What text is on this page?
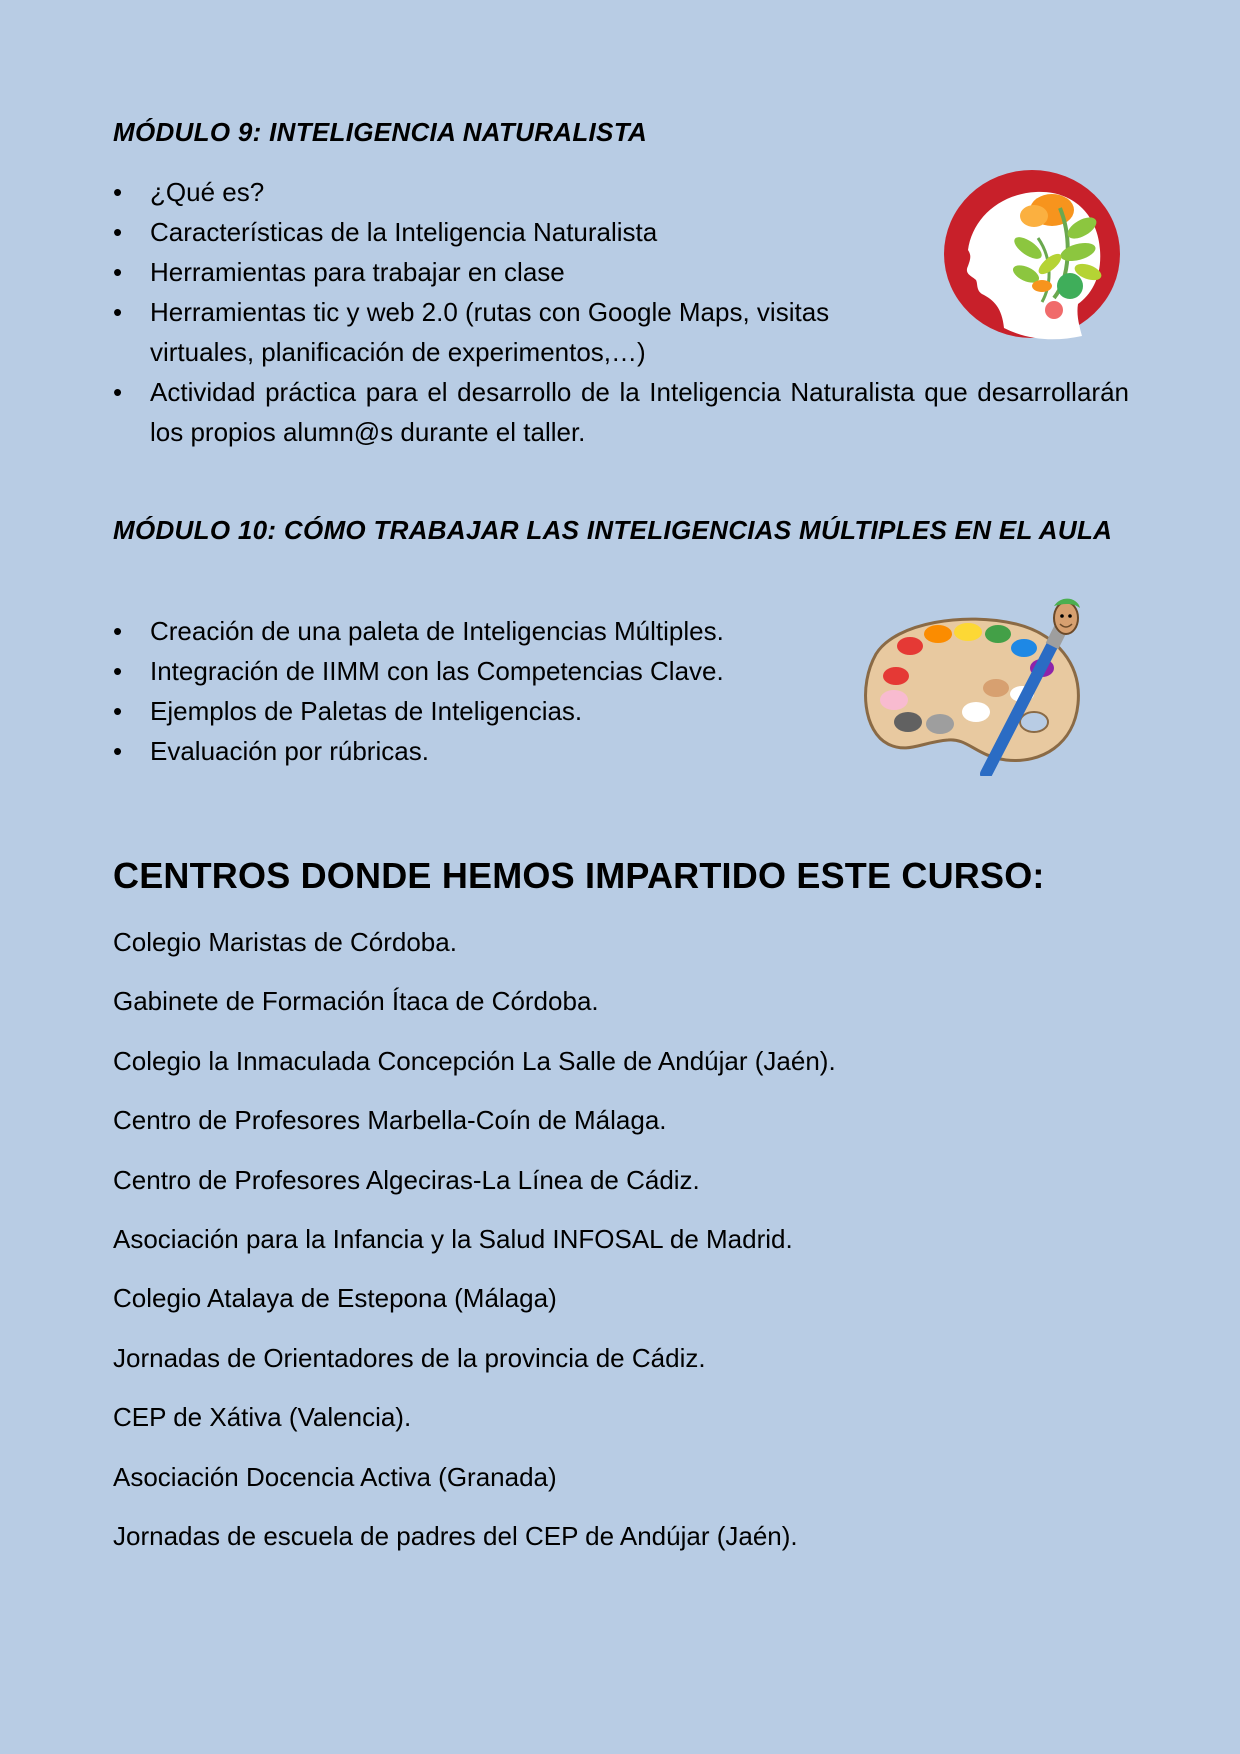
MÓDULO 9: INTELIGENCIA NATURALISTA
• ¿Qué es?
• Características de la Inteligencia Naturalista
• Herramientas para trabajar en clase
• Herramientas tic y web 2.0 (rutas con Google Maps, visitas virtuales, planificación de experimentos,…)
• Actividad práctica para el desarrollo de la Inteligencia Naturalista que desarrollarán los propios alumn@s durante el taller.
MÓDULO 10: CÓMO TRABAJAR LAS INTELIGENCIAS MÚLTIPLES EN EL AULA
• Creación de una paleta de Inteligencias Múltiples.
• Integración de IIMM con las Competencias Clave.
• Ejemplos de Paletas de Inteligencias.
• Evaluación por rúbricas.
CENTROS DONDE HEMOS IMPARTIDO ESTE CURSO:
Colegio Maristas de Córdoba.
Gabinete de Formación Ítaca de Córdoba.
Colegio la Inmaculada Concepción La Salle de Andújar (Jaén).
Centro de Profesores Marbella-Coín de Málaga.
Centro de Profesores Algeciras-La Línea de Cádiz.
Asociación para la Infancia y la Salud INFOSAL de Madrid.
Colegio Atalaya de Estepona (Málaga)
Jornadas de Orientadores de la provincia de Cádiz.
CEP de Xátiva (Valencia).
Asociación Docencia Activa (Granada)
Jornadas de escuela de padres del CEP de Andújar (Jaén).
